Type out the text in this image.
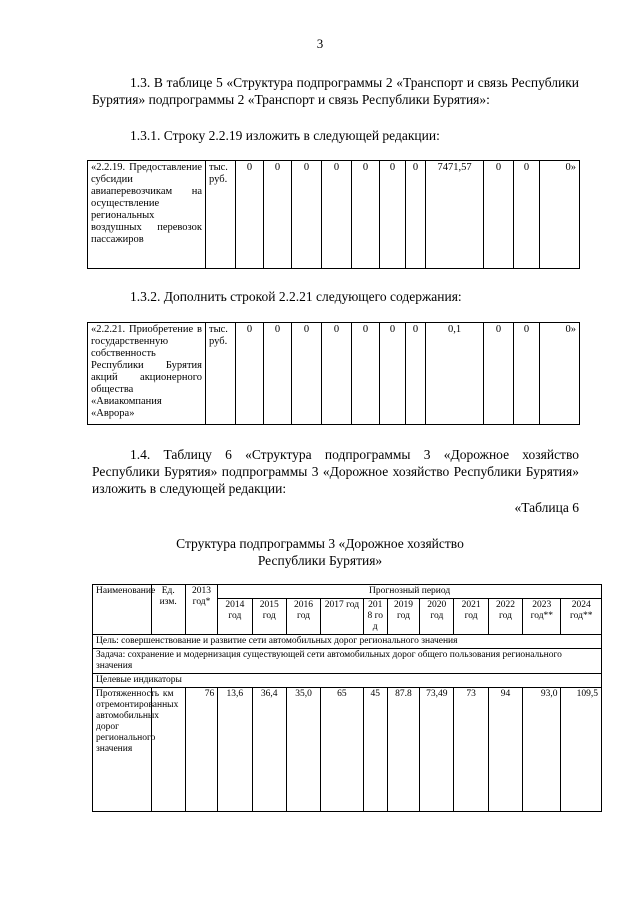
3
1.3. В таблице 5 «Структура подпрограммы 2 «Транспорт и связь Республики Бурятия» подпрограммы 2 «Транспорт и связь Республики Бурятия»:
1.3.1. Строку 2.2.19 изложить в следующей редакции:
«2.2.19. Предоставление субсидии авиаперевозчикам на осуществление региональных воздушных перевозок пассажиров	тыс. руб.	0	0	0	0	0	0	0	7471,57	0	0	0»
1.3.2. Дополнить строкой 2.2.21 следующего содержания:
«2.2.21. Приобретение в государственную собственность Республики Бурятия акций акционерного общества «Авиакомпания «Аврора»	тыс. руб.	0	0	0	0	0	0	0	0,1	0	0	0»
1.4. Таблицу 6 «Структура подпрограммы 3 «Дорожное хозяйство Республики Бурятия» подпрограммы 3 «Дорожное хозяйство Республики Бурятия» изложить в следующей редакции:
«Таблица 6
Структура подпрограммы 3 «Дорожное хозяйство
Республики Бурятия»
Наименование	Ед. изм.	2013 год*	Прогнозный период										
			2014 год	2015 год	2016 год	2017 год	2018 год	2019 год	2020 год	2021 год	2022 год	2023 год**	2024 год**
Цель: совершенствование и развитие сети автомобильных дорог регионального значения													
Задача: сохранение и модернизация существующей сети автомобильных дорог общего пользования регионального значения													
Целевые индикаторы													
Протяженность отремонтированных автомобильных дорог регионального значения	км	76	13,6	36,4	35,0	65	45	87.8	73,49	73	94	93,0	109,5
